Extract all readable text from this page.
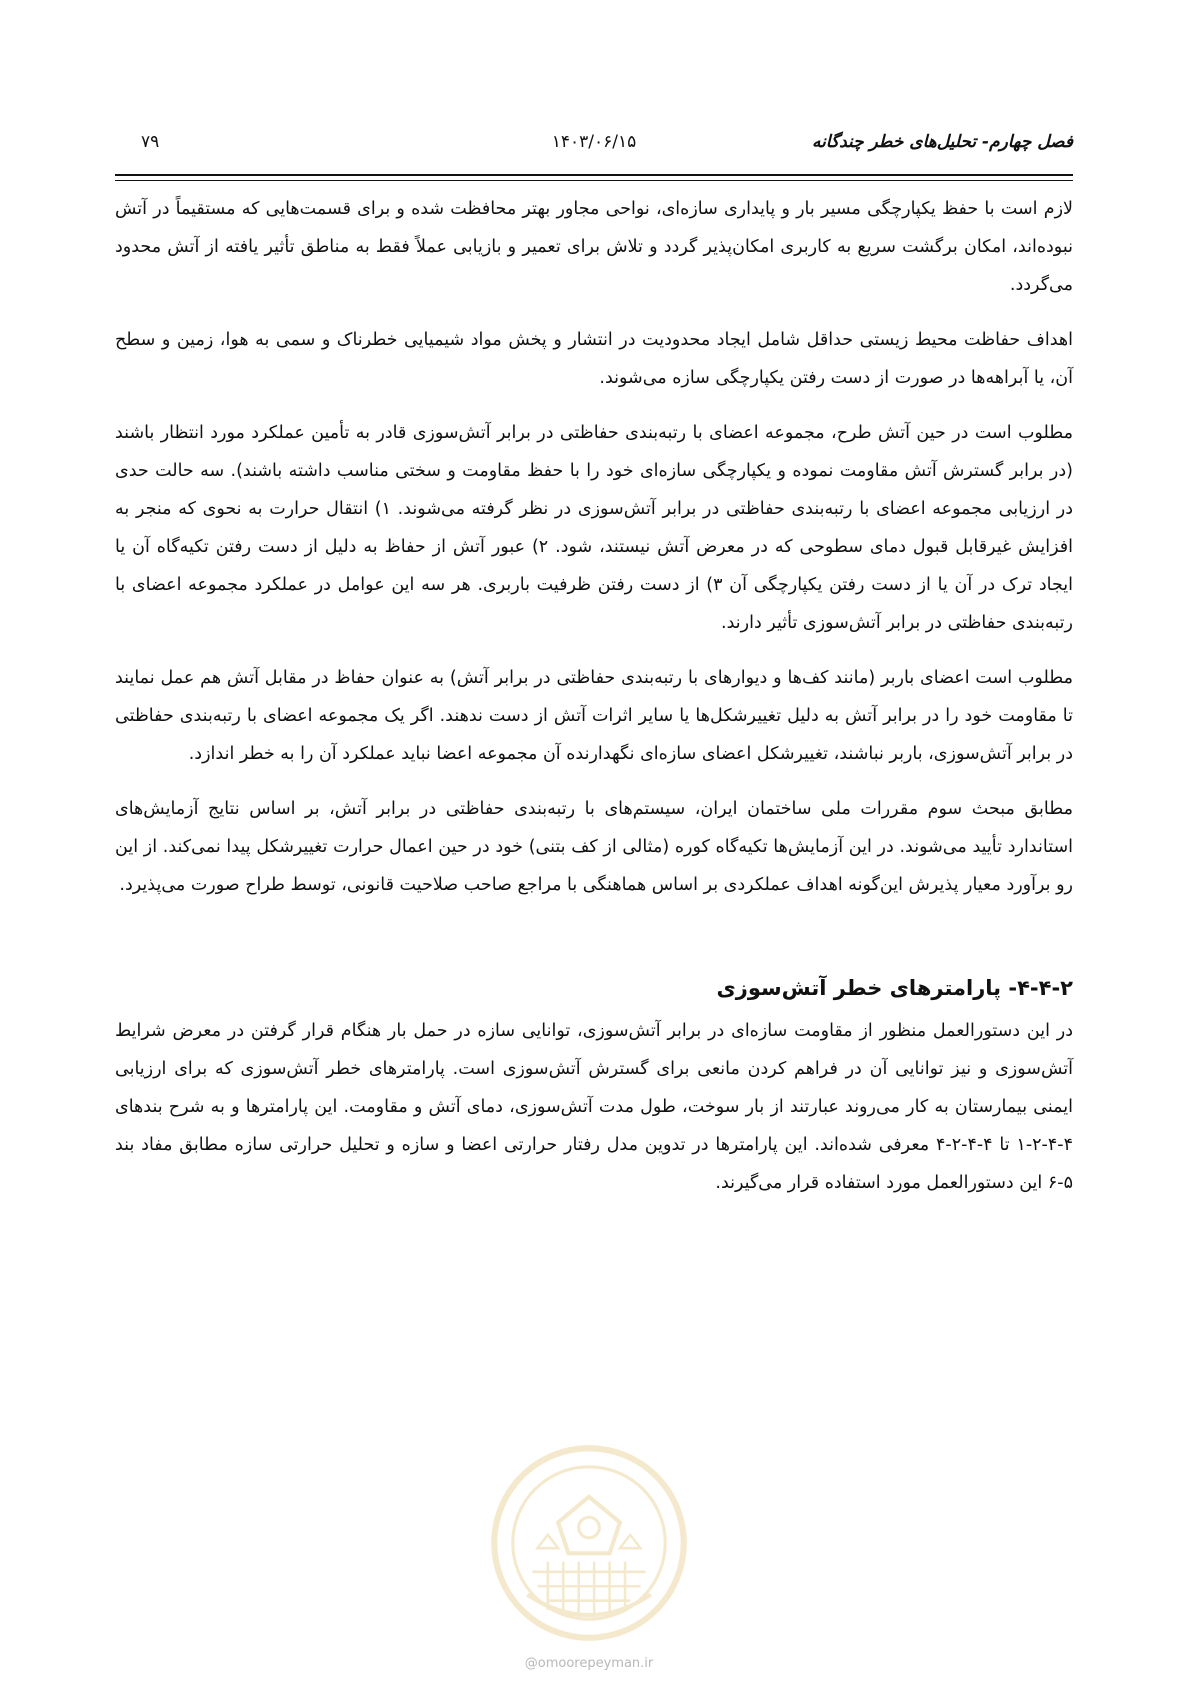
فصل چهارم- تحلیل‌های خطر چندگانه
۱۴۰۳/۰۶/۱۵
۷۹

لازم است با حفظ یکپارچگی مسیر بار و پایداری سازه‌ای، نواحی مجاور بهتر محافظت شده و برای قسمت‌هایی که مستقیماً در آتش نبوده‌اند، امکان برگشت سریع به کاربری امکان‌پذیر گردد و تلاش برای تعمیر و بازیابی عملاً فقط به مناطق تأثیر یافته از آتش محدود می‌گردد.

اهداف حفاظت محیط زیستی حداقل شامل ایجاد محدودیت در انتشار و پخش مواد شیمیایی خطرناک و سمی به هوا، زمین و سطح آن، یا آبراهه‌ها در صورت از دست رفتن یکپارچگی سازه می‌شوند.

مطلوب است در حین آتش طرح، مجموعه اعضای با رتبه‌بندی حفاظتی در برابر آتش‌سوزی قادر به تأمین عملکرد مورد انتظار باشند (در برابر گسترش آتش مقاومت نموده و یکپارچگی سازه‌ای خود را با حفظ مقاومت و سختی مناسب داشته باشند). سه حالت حدی در ارزیابی مجموعه اعضای با رتبه‌بندی حفاظتی در برابر آتش‌سوزی در نظر گرفته می‌شوند. ۱) انتقال حرارت به نحوی که منجر به افزایش غیرقابل قبول دمای سطوحی که در معرض آتش نیستند، شود. ۲) عبور آتش از حفاظ به دلیل از دست رفتن تکیه‌گاه آن یا ایجاد ترک در آن یا از دست رفتن یکپارچگی آن ۳) از دست رفتن ظرفیت باربری. هر سه این عوامل در عملکرد مجموعه اعضای با رتبه‌بندی حفاظتی در برابر آتش‌سوزی تأثیر دارند.

مطلوب است اعضای باربر (مانند کف‌ها و دیوارهای با رتبه‌بندی حفاظتی در برابر آتش) به عنوان حفاظ در مقابل آتش هم عمل نمایند تا مقاومت خود را در برابر آتش به دلیل تغییرشکل‌ها یا سایر اثرات آتش از دست ندهند. اگر یک مجموعه اعضای با رتبه‌بندی حفاظتی در برابر آتش‌سوزی، باربر نباشند، تغییرشکل اعضای سازه‌ای نگهدارنده آن مجموعه اعضا نباید عملکرد آن را به خطر اندازد.

مطابق مبحث سوم مقررات ملی ساختمان ایران، سیستم‌های با رتبه‌بندی حفاظتی در برابر آتش، بر اساس نتایج آزمایش‌های استاندارد تأیید می‌شوند. در این آزمایش‌ها تکیه‌گاه کوره (مثالی از کف بتنی) خود در حین اعمال حرارت تغییرشکل پیدا نمی‌کند. از این رو برآورد معیار پذیرش این‌گونه اهداف عملکردی بر اساس هماهنگی با مراجع صاحب صلاحیت قانونی، توسط طراح صورت می‌پذیرد.

۴-۴-۲- پارامترهای خطر آتش‌سوزی

در این دستورالعمل منظور از مقاومت سازه‌ای در برابر آتش‌سوزی، توانایی سازه در حمل بار هنگام قرار گرفتن در معرض شرایط آتش‌سوزی و نیز توانایی آن در فراهم کردن مانعی برای گسترش آتش‌سوزی است. پارامترهای خطر آتش‌سوزی که برای ارزیابی ایمنی بیمارستان به کار می‌روند عبارتند از بار سوخت، طول مدت آتش‌سوزی، دمای آتش و مقاومت. این پارامترها و به شرح بندهای ۴-۴-۲-۱ تا ۴-۴-۲-۴ معرفی شده‌اند. این پارامترها در تدوین مدل رفتار حرارتی اعضا و سازه و تحلیل حرارتی سازه مطابق مفاد بند ۵-۶ این دستورالعمل مورد استفاده قرار می‌گیرند.

@omoorepeyman.ir
